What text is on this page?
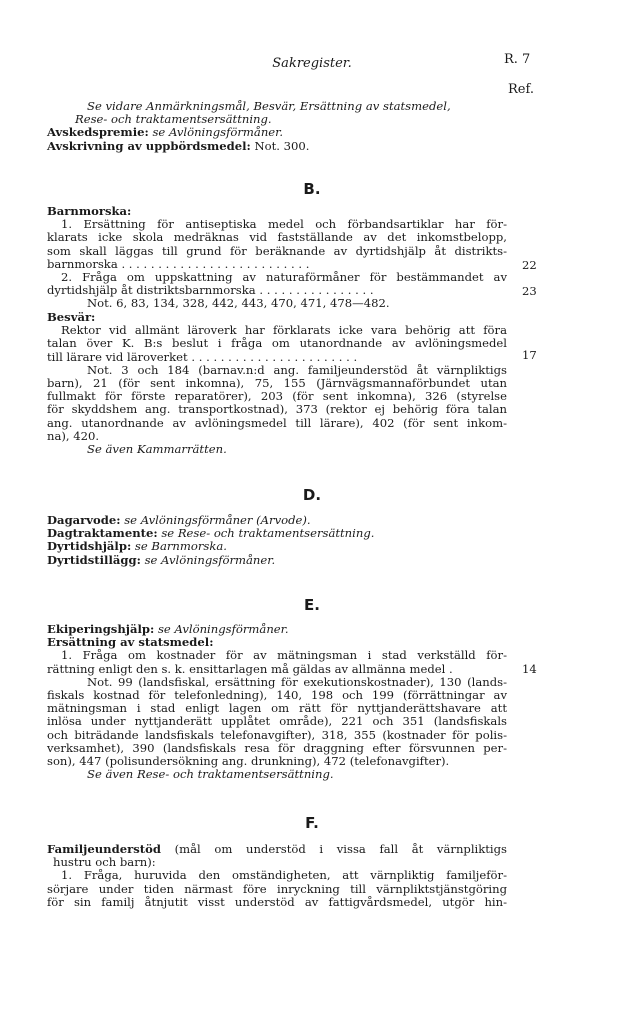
Sakregister.	R. 7
Ref.

Se vidare Anmärkningsmål, Besvär, Ersättning av statsmedel,

Rese- och traktamentsersättning.

Avskedspremie: se Avlöningsförmåner.

Avskrivning av uppbördsmedel: Not. 300.

B.

Barnmorska:

1. Ersättning för antiseptiska medel och förbandsartiklar har för-

klarats icke skola medräknas vid fastställande av det inkomstbelopp,

som skall läggas till grund för beräknande av dyrtidshjälp åt distrikts-

barnmorska . . . . . . . . . . . . . . . . . . . . . . . . . .

2. Fråga om uppskattning av naturaförmåner för bestämmandet av

dyrtidshjälp åt distriktsbarnmorska . . . . . . . . . . . . . . . .

Not. 6, 83, 134, 328, 442, 443, 470, 471, 478—482.

22
23

Besvär:

Rektor vid allmänt läroverk har förklarats icke vara behörig att föra

talan över K. B:s beslut i fråga om utanordnande av avlöningsmedel

till lärare vid läroverket . . . . . . . . . . . . . . . . . . . . . . .

Not. 3 och 184 (barnav.n:d ang. familjeunderstöd åt värnpliktigs

barn), 21 (för sent inkomna), 75, 155 (Järnvägsmannaförbundet utan

fullmakt för förste reparatörer), 203 (för sent inkomna), 326 (styrelse

för skyddshem ang. transportkostnad), 373 (rektor ej behörig föra talan

ang. utanordnande av avlöningsmedel till lärare), 402 (för sent inkom-

na), 420.

Se även Kammarrätten.

17
D.

Dagarvode: se Avlöningsförmåner (Arvode).

Dagtraktamente: se Rese- och traktamentsersättning.

Dyrtidshjälp: se Barnmorska.

Dyrtidstillägg: se Avlöningsförmåner.

E.

Ekiperingshjälp: se Avlöningsförmåner.

Ersättning av statsmedel:

1. Fråga om kostnader för av mätningsman i stad verkställd för-

rättning enligt den s. k. ensittarlagen må gäldas av allmänna medel .

Not. 99 (landsfiskal, ersättning för exekutionskostnader), 130 (lands-

fiskals kostnad för telefonledning), 140, 198 och 199 (förrättningar av

mätningsman i stad enligt lagen om rätt för nyttjanderättshavare att

inlösa under nyttjanderätt upplåtet område), 221 och 351 (landsfiskals

och biträdande landsfiskals telefonavgifter), 318, 355 (kostnader för polis-

verksamhet), 390 (landsfiskals resa för draggning efter försvunnen per-

son), 447 (polisundersökning ang. drunkning), 472 (telefonavgifter).

Se även Rese- och traktamentsersättning.

14
F.

Familjeunderstöd (mål om understöd i vissa fall åt värnpliktigs

hustru och barn):

1. Fråga, huruvida den omständigheten, att värnpliktig familjeför-

sörjare under tiden närmast före inryckning till värnpliktstjänstgöring

för sin familj åtnjutit visst understöd av fattigvårdsmedel, utgör hin-
